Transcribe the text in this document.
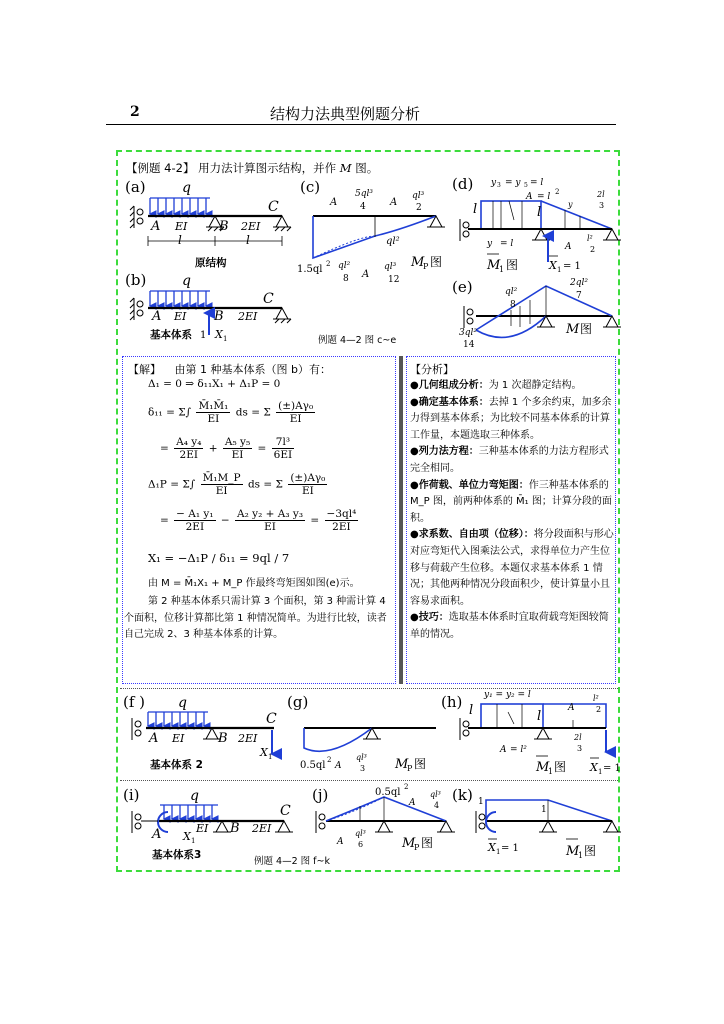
2	结构力法典型例题分析
【例题 4-2】 用力法计算图示结构，并作 M 图。
(a)	q
A EI B 2EI
C
l	l
原结构
(b)	q
A EI B 2EI
C
基本体系 1 X 1
(c)
A
5ql³
4 A
ql³
2
ql²
1.5ql 2 ql²
8 A
ql³
12
M
P 图
(d) y 3 = y 5 = l
A = l 2
y
2l
3
l	l
y = l	A
l²
2
M
1 图	X 1 = 1
(e)	2ql²
7
ql²
8
3ql²
14
M 图
例题 4—2 图 c~e
【解】 由第 1 种基本体系（图 b）有：
Δ₁ = 0 ⇒ δ₁₁X₁ + Δ₁P = 0
$\delta_{11} = \Sigma\int \frac{\text{M̄₁M̄₁}}{EI}$ ds = Σ $\frac{\text{(±)Aγ₀}}{EI}$
= $\frac{\text{A₄ y₄}}{2EI} + \frac{\text{A₅ y₅}}{EI} = \frac{\text{7l³}}{6EI}$
$\Delta_1P = \Sigma\int \frac{\text{M̄₁M\_P}}{EI}$ ds = Σ $\frac{\text{(±)Aγ₀}}{EI}$
= $\frac{\text{− A₁ y₁}}{2EI} - \frac{\text{A₂ y₂ + A₃ y₃}}{EI} = \frac{\text{−3ql⁴}}{2EI}$
X₁ = −Δ₁P / δ₁₁ = 9ql / 7
由 M = M̄₁X₁ + M_P 作最终弯矩图如图(e)示。
第 2 种基本体系只需计算 3 个面积，第 3 种需计算 4 个面积，位移计算都比第 1 种情况简单。为进行比较，读者自己完成 2、3 种基本体系的计算。
【分析】
●几何组成分析：为 1 次超静定结构。
●确定基本体系：去掉 1 个多余约束，加多余力得到基本体系；为比较不同基本体系的计算工作量，本题选取三种体系。
●列力法方程：三种基本体系的力法方程形式完全相同。
●作荷载、单位力弯矩图：作三种基本体系的 M_P 图，前两种体系的 M̄₁ 图；计算分段的面积。
●求系数、自由项（位移）：将分段面积与形心对应弯矩代入图乘法公式，求得单位力产生位移与荷载产生位移。本题仅求基本体系 1 情况；其他两种情况分段面积少，使计算量小且容易求面积。
●技巧：选取基本体系时宜取荷载弯矩图较简单的情况。
(f ) q
A EI	B 2EI
C
X 1
基本体系 2
(g)
0.5ql 2
A
ql³
3 M
P 图
(h) y₁ = y₂ = l
l	l
A
l²
2
A = l²
2l
3
M
1 图 X 1 = 1
(i)	q
A	EI B 2EI
C
X 1
基本体系3
(j)	0.5ql 2
A
ql³
4
A
ql³
6	M
P 图
例题 4—2 图 f~k
(k) 1
1
X 1 = 1	M
1 图
